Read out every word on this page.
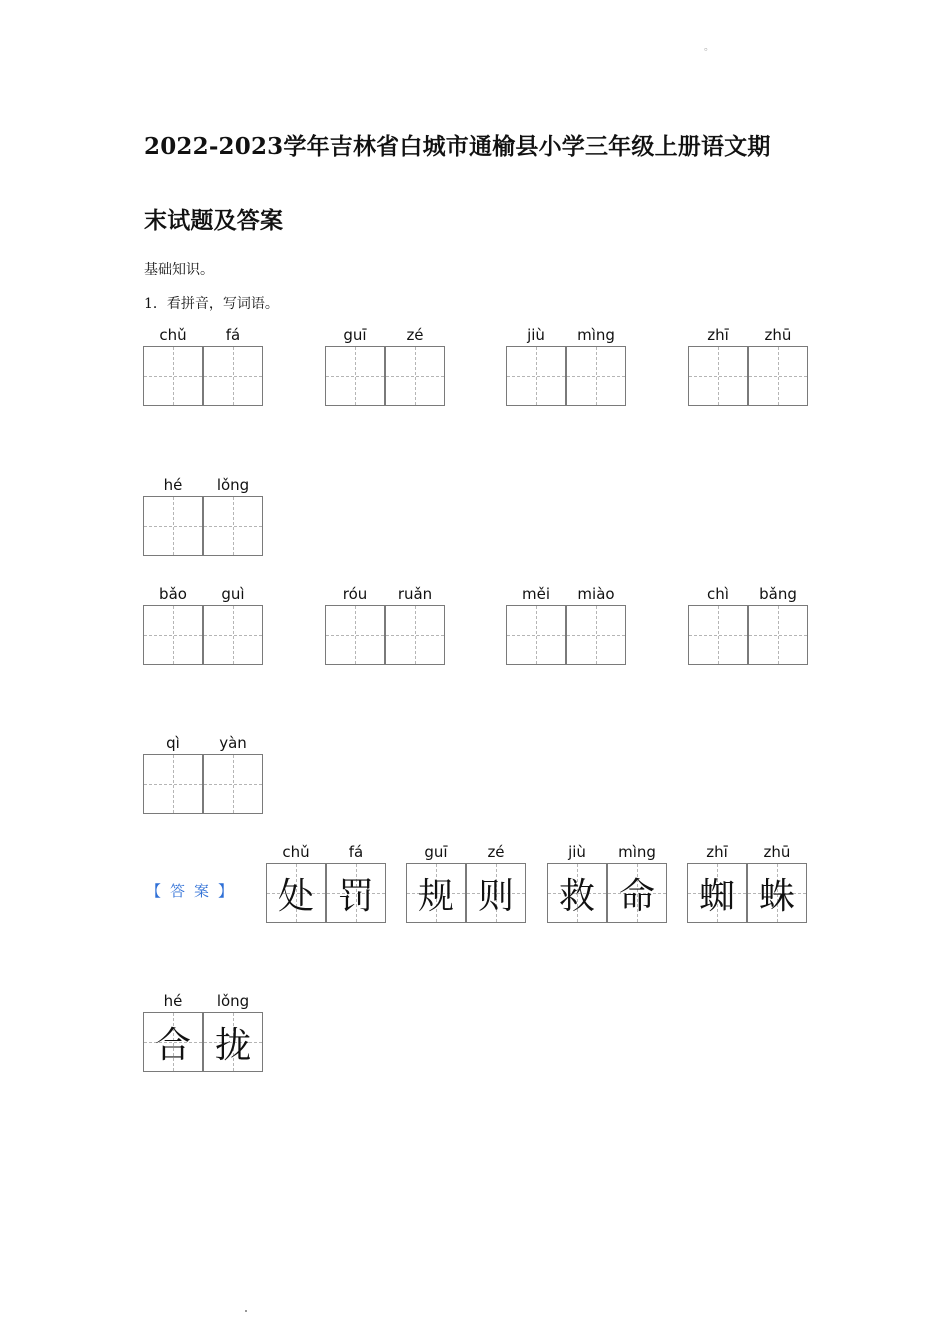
。
2022-2023学年吉林省白城市通榆县小学三年级上册语文期
末试题及答案
基础知识。
1．看拼音，写词语。
chǔ	fá	guī	zé	jiù	mìng	zhī	zhū
hé	lǒng
bǎo	guì	róu	ruǎn	měi	miào	chì	bǎng
qì	yàn
【答案】
chǔ	fá
处 罚
guī	zé
规 则
jiù	mìng
救 命
zhī	zhū
蜘 蛛
hé	lǒng
合 拢
